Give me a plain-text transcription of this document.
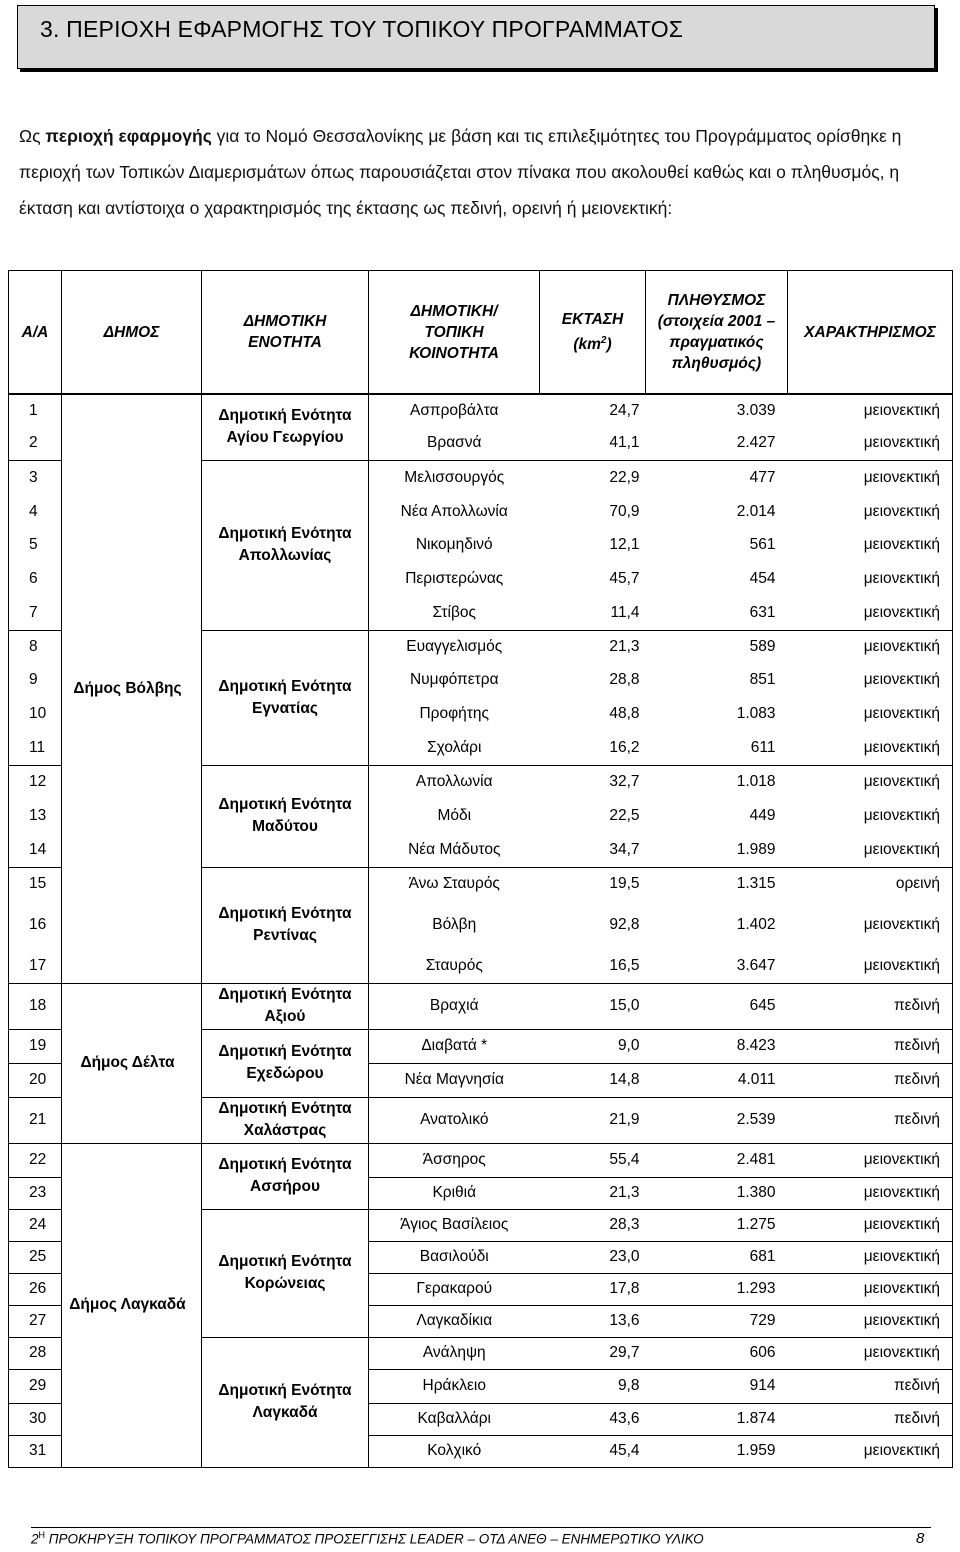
3. ΠΕΡΙΟΧΗ ΕΦΑΡΜΟΓΗΣ ΤΟΥ ΤΟΠΙΚΟΥ ΠΡΟΓΡΑΜΜΑΤΟΣ

Ως περιοχή εφαρμογής για το Νομό Θεσσαλονίκης με βάση και τις επιλεξιμότητες του Προγράμματος ορίσθηκε η περιοχή των Τοπικών Διαμερισμάτων όπως παρουσιάζεται στον πίνακα που ακολουθεί καθώς και ο πληθυσμός, η έκταση και αντίστοιχα ο χαρακτηρισμός της έκτασης ως πεδινή, ορεινή ή μειονεκτική:

Α/Α	ΔΗΜΟΣ	ΔΗΜΟΤΙΚΗ ΕΝΟΤΗΤΑ	ΔΗΜΟΤΙΚΗ/ ΤΟΠΙΚΗ ΚΟΙΝΟΤΗΤΑ	ΕΚΤΑΣΗ $(km^2)$	ΠΛΗΘΥΣΜΟΣ (στοιχεία 2001 – πραγματικός πληθυσμός)	ΧΑΡΑΚΤΗΡΙΣΜΟΣ
1	Δήμος Βόλβης	Δημοτική Ενότητα Αγίου Γεωργίου	Ασπροβάλτα	24,7	3.039	μειονεκτική
2			Βρασνά	41,1	2.427	μειονεκτική
3		Δημοτική Ενότητα Απολλωνίας	Μελισσουργός	22,9	477	μειονεκτική
4			Νέα Απολλωνία	70,9	2.014	μειονεκτική
5			Νικομηδινό	12,1	561	μειονεκτική
6			Περιστερώνας	45,7	454	μειονεκτική
7			Στίβος	11,4	631	μειονεκτική
8		Δημοτική Ενότητα Εγνατίας	Ευαγγελισμός	21,3	589	μειονεκτική
9			Νυμφόπετρα	28,8	851	μειονεκτική
10			Προφήτης	48,8	1.083	μειονεκτική
11			Σχολάρι	16,2	611	μειονεκτική
12		Δημοτική Ενότητα Μαδύτου	Απολλωνία	32,7	1.018	μειονεκτική
13			Μόδι	22,5	449	μειονεκτική
14			Νέα Μάδυτος	34,7	1.989	μειονεκτική
15		Δημοτική Ενότητα Ρεντίνας	Άνω Σταυρός	19,5	1.315	ορεινή
16			Βόλβη	92,8	1.402	μειονεκτική
17			Σταυρός	16,5	3.647	μειονεκτική
18	Δήμος Δέλτα	Δημοτική Ενότητα Αξιού	Βραχιά	15,0	645	πεδινή
19		Δημοτική Ενότητα Εχεδώρου	Διαβατά *	9,0	8.423	πεδινή
20			Νέα Μαγνησία	14,8	4.011	πεδινή
21		Δημοτική Ενότητα Χαλάστρας	Ανατολικό	21,9	2.539	πεδινή
22	Δήμος Λαγκαδά	Δημοτική Ενότητα Ασσήρου	Άσσηρος	55,4	2.481	μειονεκτική
23			Κριθιά	21,3	1.380	μειονεκτική
24		Δημοτική Ενότητα Κορώνειας	Άγιος Βασίλειος	28,3	1.275	μειονεκτική
25			Βασιλούδι	23,0	681	μειονεκτική
26			Γερακαρού	17,8	1.293	μειονεκτική
27			Λαγκαδίκια	13,6	729	μειονεκτική
28		Δημοτική Ενότητα Λαγκαδά	Ανάληψη	29,7	606	μειονεκτική
29			Ηράκλειο	9,8	914	πεδινή
30			Καβαλλάρι	43,6	1.874	πεδινή
31			Κολχικό	45,4	1.959	μειονεκτική
$2^H$ ΠΡΟΚΗΡΥΞΗ ΤΟΠΙΚΟΥ ΠΡΟΓΡΑΜΜΑΤΟΣ ΠΡΟΣΕΓΓΙΣΗΣ LEADER – ΟΤΔ ΑΝΕΘ – ΕΝΗΜΕΡΩΤΙΚΟ ΥΛΙΚΟ	8
